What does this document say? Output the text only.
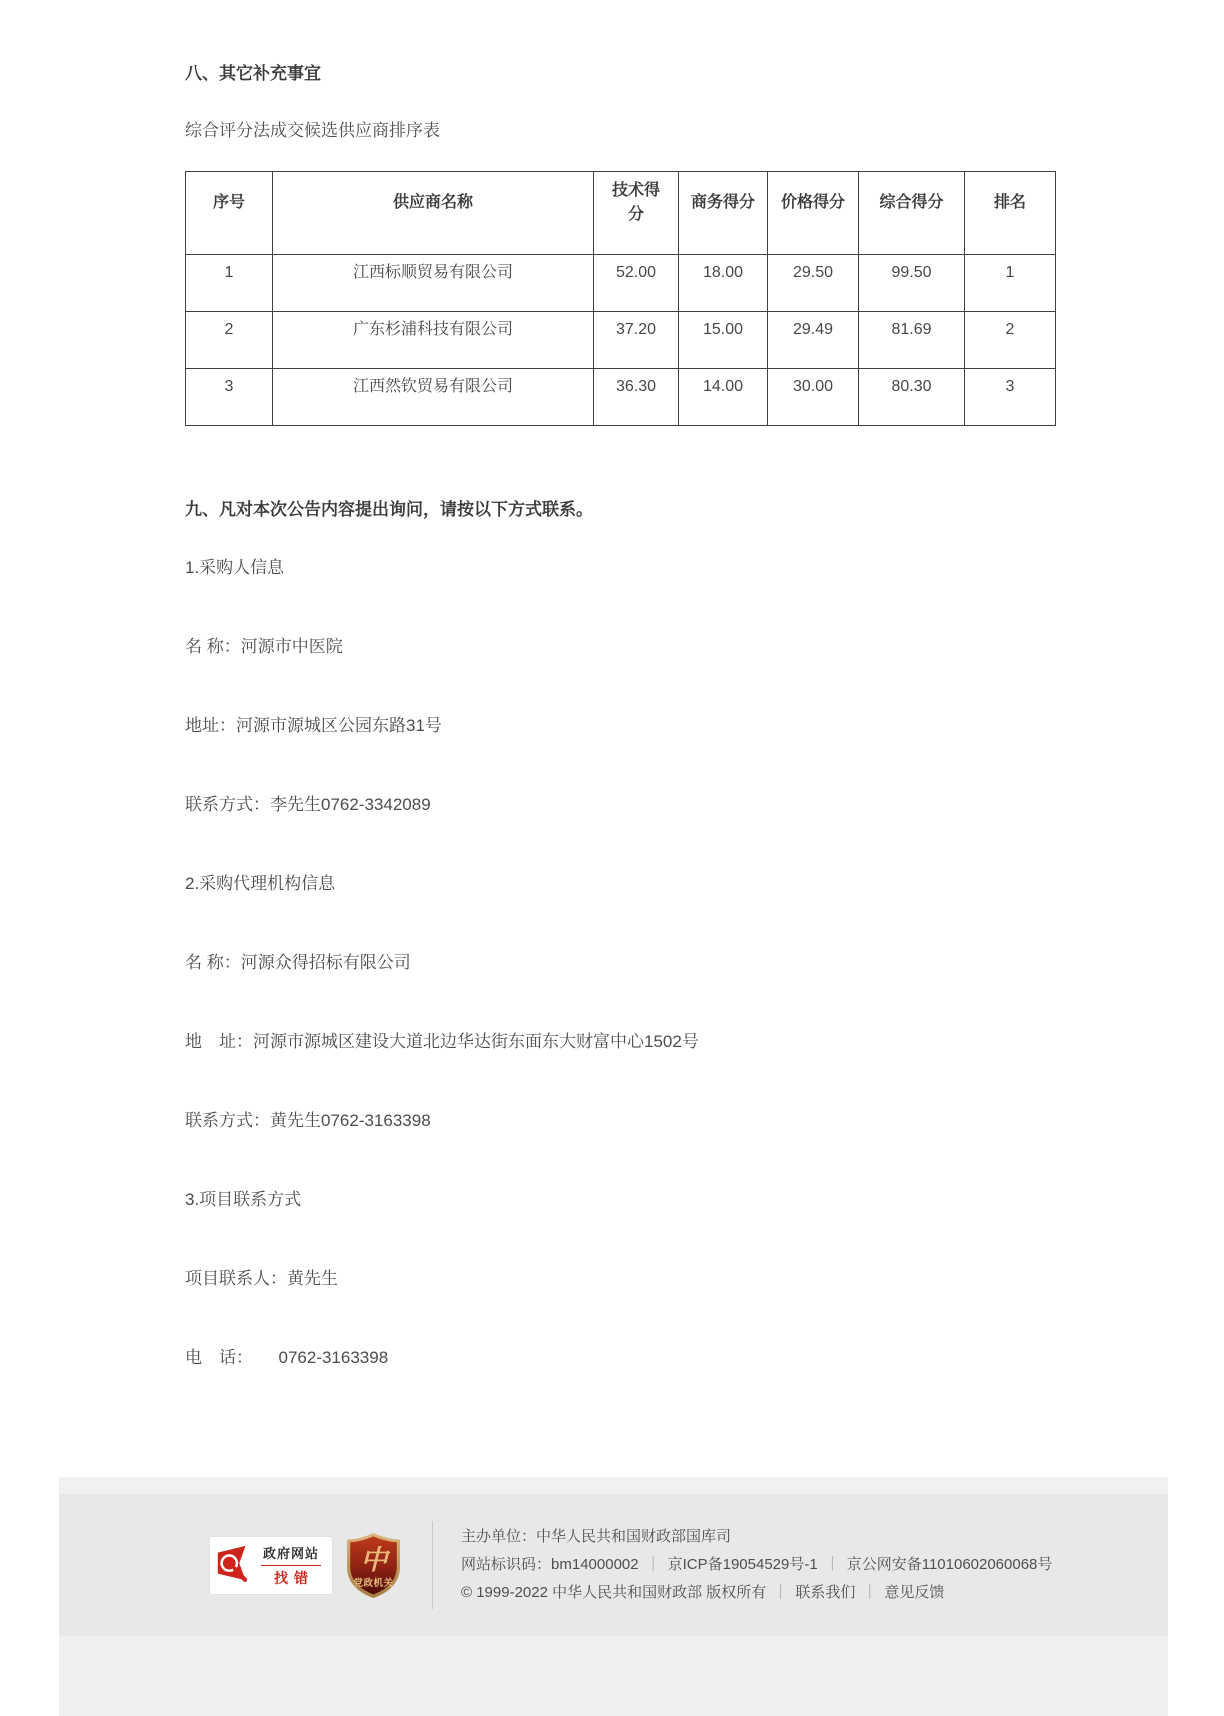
八、其它补充事宜

综合评分法成交候选供应商排序表

序号	供应商名称	技术得分	商务得分	价格得分	综合得分	排名

1	江西标顺贸易有限公司	52.00	18.00	29.50	99.50	1

2	广东杉浦科技有限公司	37.20	15.00	29.49	81.69	2

3	江西然钦贸易有限公司	36.30	14.00	30.00	80.30	3
九、凡对本次公告内容提出询问，请按以下方式联系。

1.采购人信息

名 称：河源市中医院

地址：河源市源城区公园东路31号

联系方式：李先生0762-3342089

2.采购代理机构信息

名 称：河源众得招标有限公司

地　址：河源市源城区建设大道北边华达街东面东大财富中心1502号

联系方式：黄先生0762-3163398

3.项目联系方式

项目联系人：黄先生

电　话：　　0762-3163398

政府网站
找错
中
党政机关
主办单位：中华人民共和国财政部国库司
网站标识码：bm14000002 ｜ 京ICP备19054529号-1 ｜ 京公网安备11010602060068号
© 1999-2022 中华人民共和国财政部 版权所有 ｜ 联系我们 ｜ 意见反馈
